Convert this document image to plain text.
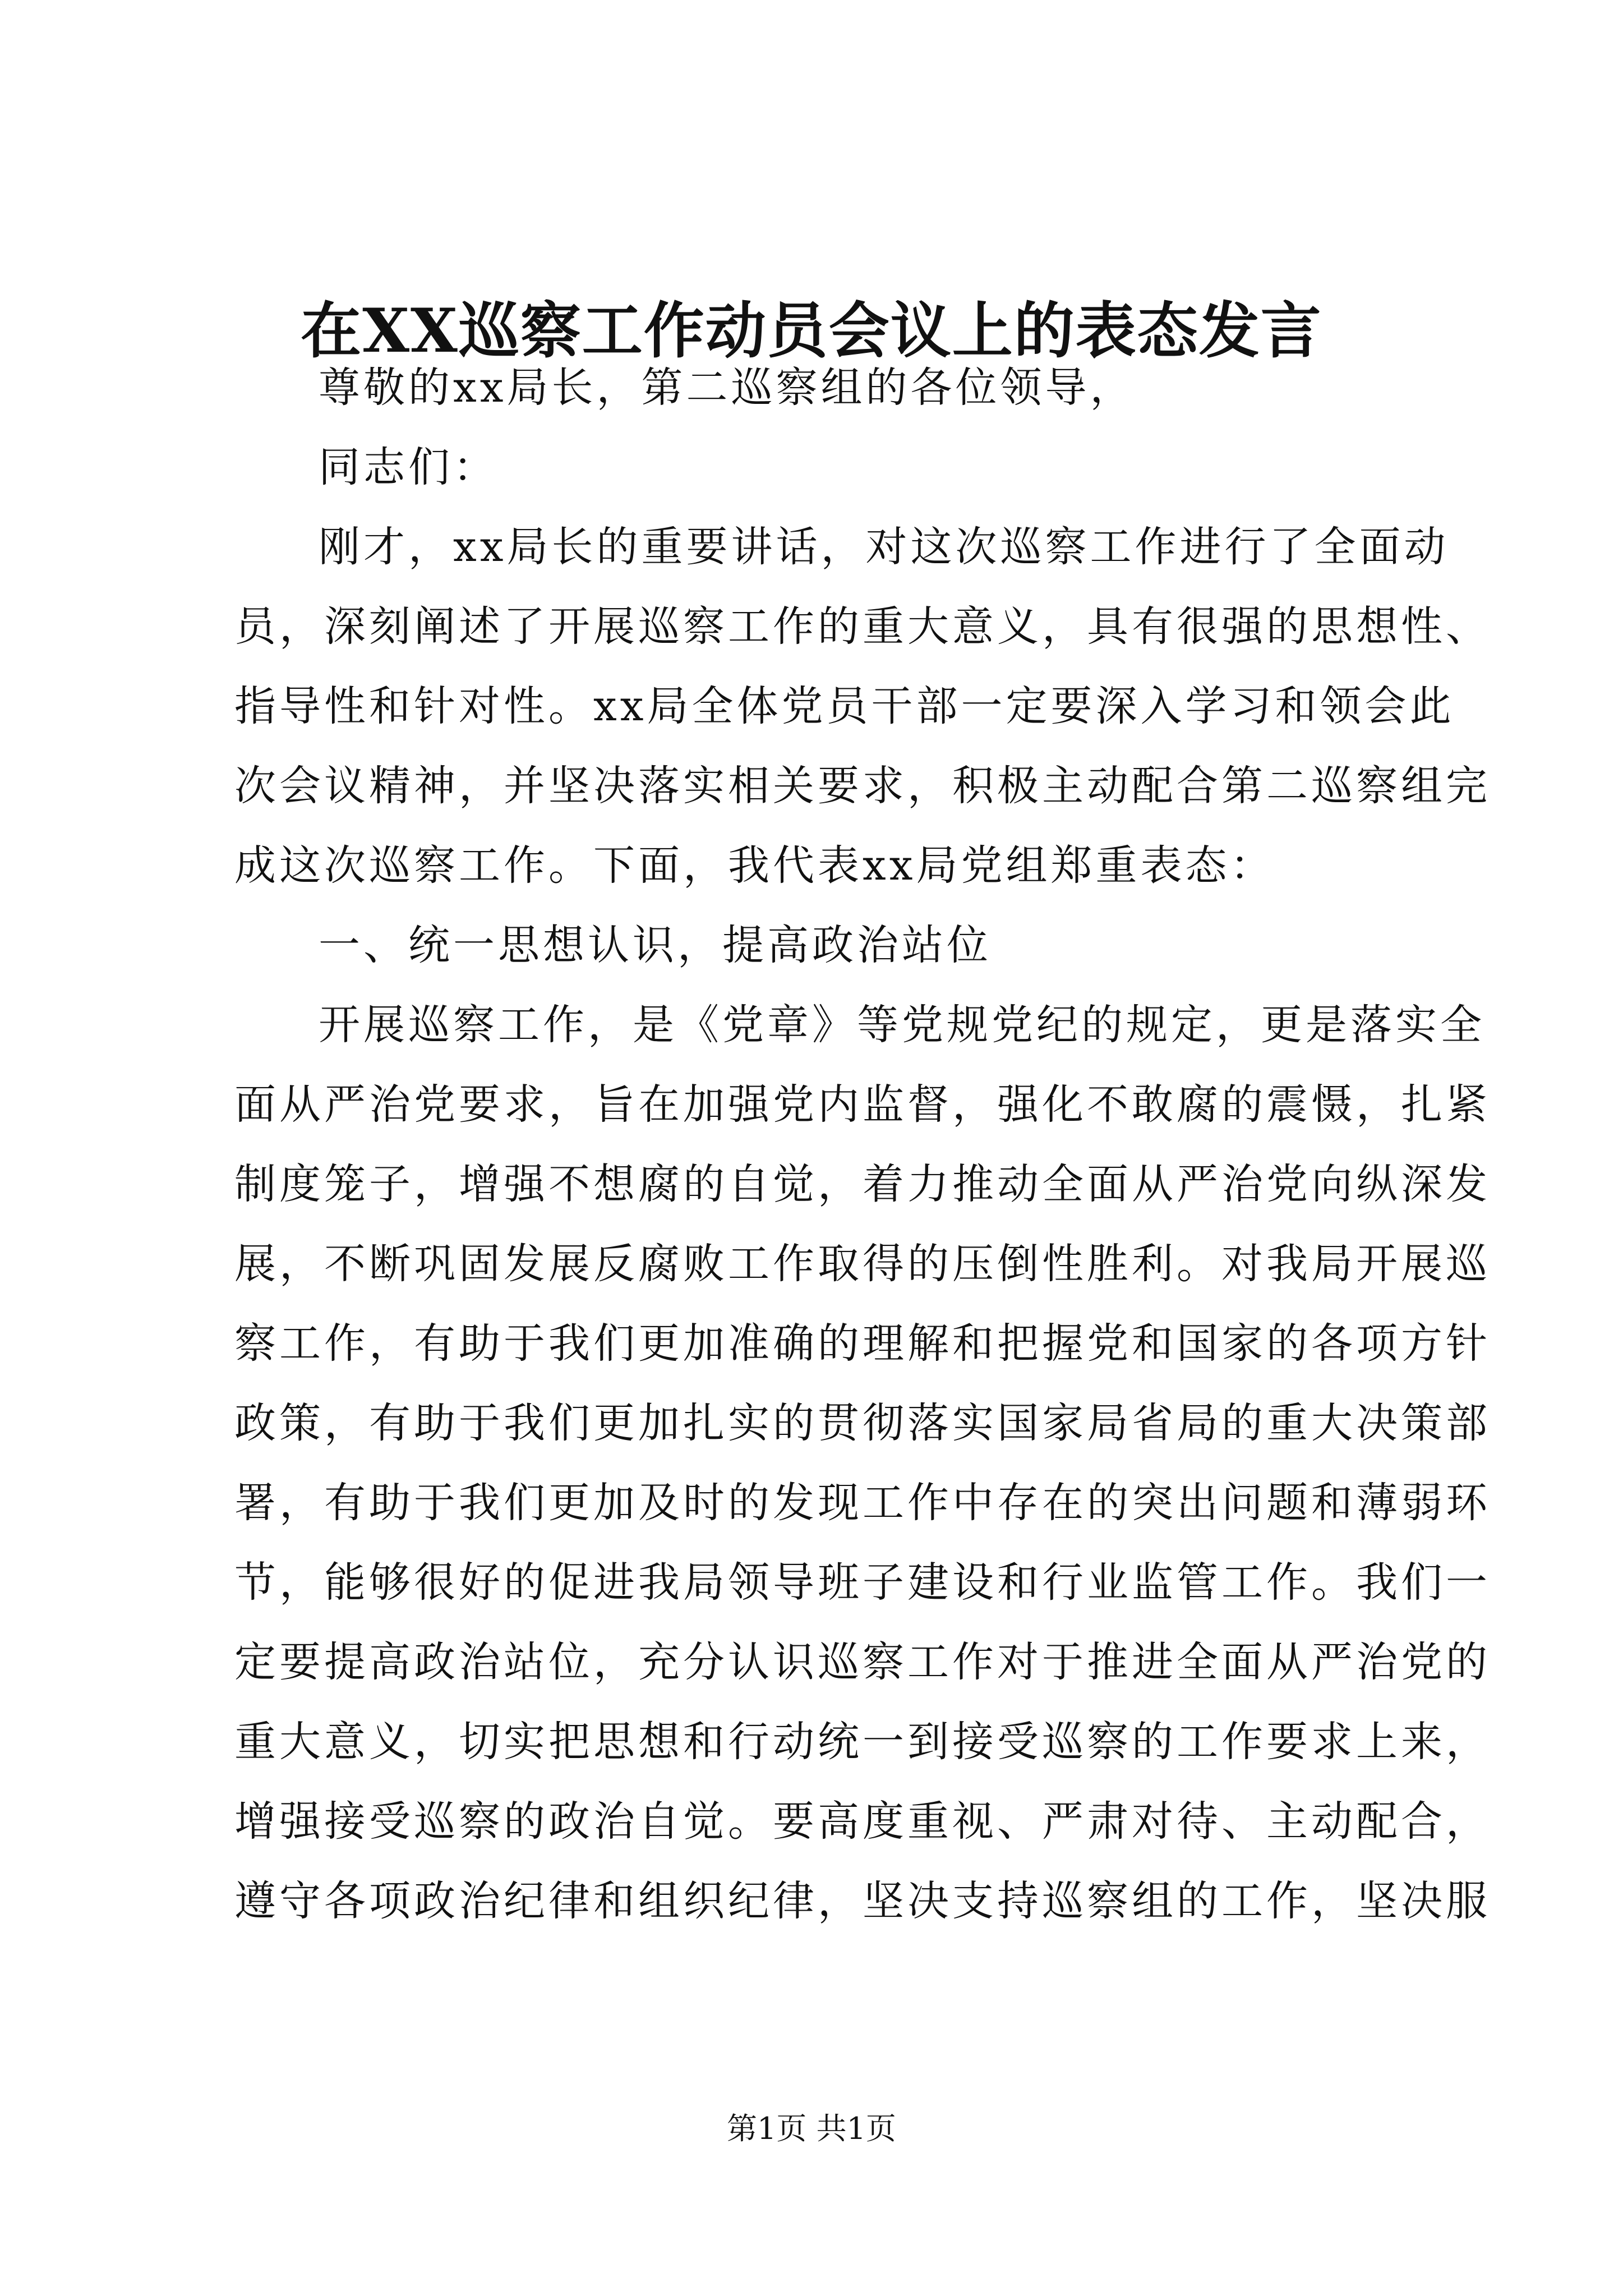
在XX巡察工作动员会议上的表态发言
尊敬的xx局长，第二巡察组的各位领导，
同志们：
刚才，xx局长的重要讲话，对这次巡察工作进行了全面动
员，深刻阐述了开展巡察工作的重大意义，具有很强的思想性、
指导性和针对性。xx局全体党员干部一定要深入学习和领会此
次会议精神，并坚决落实相关要求，积极主动配合第二巡察组完
成这次巡察工作。下面，我代表xx局党组郑重表态：
一、统一思想认识，提高政治站位
开展巡察工作，是《党章》等党规党纪的规定，更是落实全
面从严治党要求，旨在加强党内监督，强化不敢腐的震慑，扎紧
制度笼子，增强不想腐的自觉，着力推动全面从严治党向纵深发
展，不断巩固发展反腐败工作取得的压倒性胜利。对我局开展巡
察工作，有助于我们更加准确的理解和把握党和国家的各项方针
政策，有助于我们更加扎实的贯彻落实国家局省局的重大决策部
署，有助于我们更加及时的发现工作中存在的突出问题和薄弱环
节，能够很好的促进我局领导班子建设和行业监管工作。我们一
定要提高政治站位，充分认识巡察工作对于推进全面从严治党的
重大意义，切实把思想和行动统一到接受巡察的工作要求上来，
增强接受巡察的政治自觉。要高度重视、严肃对待、主动配合，
遵守各项政治纪律和组织纪律，坚决支持巡察组的工作，坚决服
第1页 共1页
